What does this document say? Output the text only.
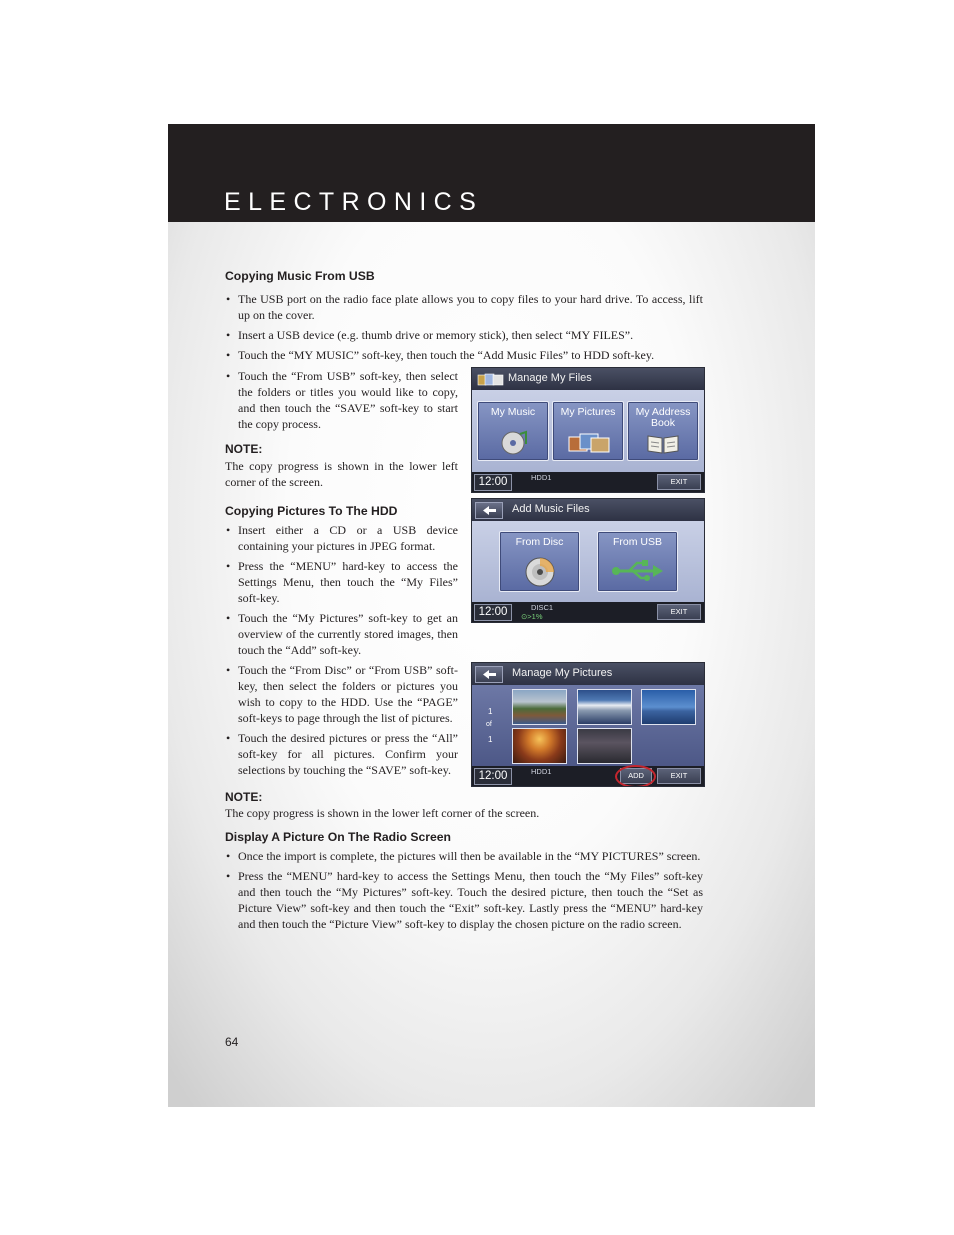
ELECTRONICS
Copying Music From USB
• The USB port on the radio face plate allows you to copy files to your hard drive. To access, lift up on the cover.
• Insert a USB device (e.g. thumb drive or memory stick), then select “MY FILES”.
• Touch the “MY MUSIC” soft-key, then touch the “Add Music Files” to HDD soft-key.
• Touch the “From USB” soft-key, then select the folders or titles you would like to copy, and then touch the “SAVE” soft-key to start the copy process.
NOTE:
The copy progress is shown in the lower left corner of the screen.
Copying Pictures To The HDD
• Insert either a CD or a USB device containing your pictures in JPEG format.
• Press the “MENU” hard-key to access the Settings Menu, then touch the “My Files” soft-key.
• Touch the “My Pictures” soft-key to get an overview of the currently stored images, then touch the “Add” soft-key.
• Touch the “From Disc” or “From USB” soft-key, then select the folders or pictures you wish to copy to the HDD. Use the “PAGE” soft-keys to page through the list of pictures.
• Touch the desired pictures or press the “All” soft-key for all pictures. Confirm your selections by touching the “SAVE” soft-key.
NOTE:
The copy progress is shown in the lower left corner of the screen.
Display A Picture On The Radio Screen
• Once the import is complete, the pictures will then be available in the “MY PICTURES” screen.
• Press the “MENU” hard-key to access the Settings Menu, then touch the “My Files” soft-key and then touch the “My Pictures” soft-key. Touch the desired picture, then touch the “Set as Picture View” soft-key and then touch the “Exit” soft-key. Lastly press the “MENU” hard-key and then touch the “Picture View” soft-key to display the chosen picture on the radio screen.
64
Manage My Files
My Music	My Pictures	My Address Book
12:00	HDD1	EXIT
Add Music Files
From Disc	From USB
12:00	DISC1
⊙>1%
EXIT
Manage My Pictures
1
of
1
12:00	HDD1	ADD	EXIT
